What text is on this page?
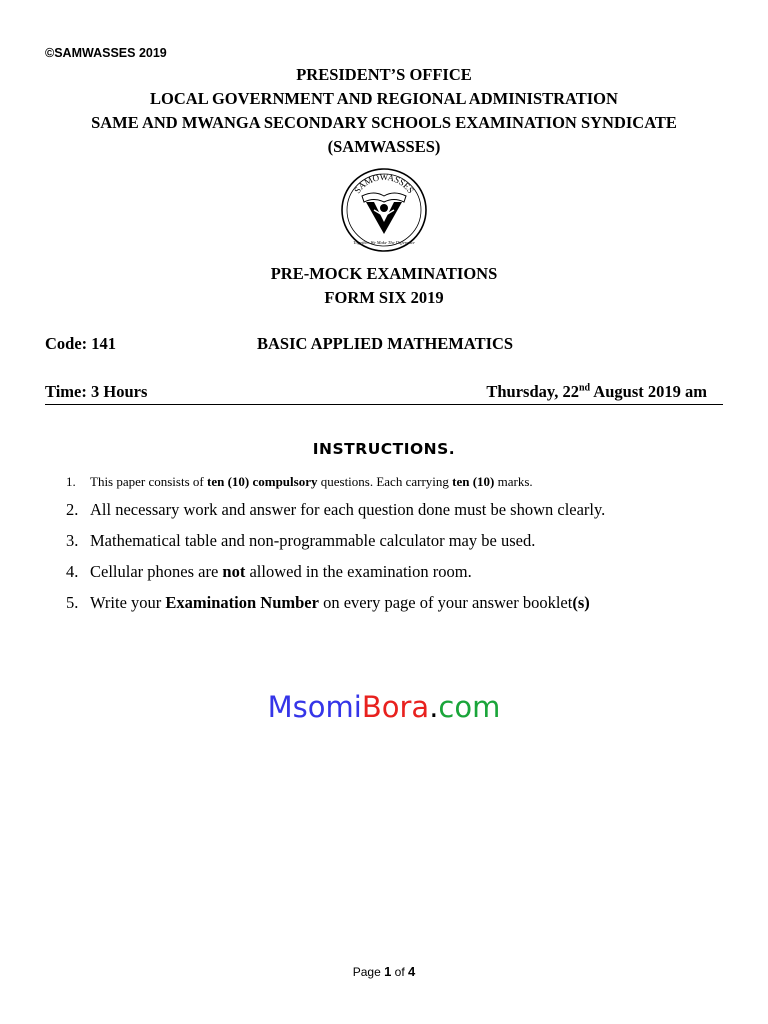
©SAMWASSES 2019
PRESIDENT’S OFFICE
LOCAL GOVERNMENT AND REGIONAL ADMINISTRATION
SAME AND MWANGA SECONDARY SCHOOLS EXAMINATION SYNDICATE
(SAMWASSES)
SAMOWASSES
Together We Make The Difference
PRE-MOCK EXAMINATIONS
FORM SIX 2019
Code: 141	BASIC APPLIED MATHEMATICS
Time: 3 Hours	Thursday, 22nd August 2019 am
INSTRUCTIONS.
1. This paper consists of ten (10) compulsory questions. Each carrying ten (10) marks.
2. All necessary work and answer for each question done must be shown clearly.
3. Mathematical table and non-programmable calculator may be used.
4. Cellular phones are not allowed in the examination room.
5. Write your Examination Number on every page of your answer booklet(s)
MsomiBora.com
Page 1 of 4
